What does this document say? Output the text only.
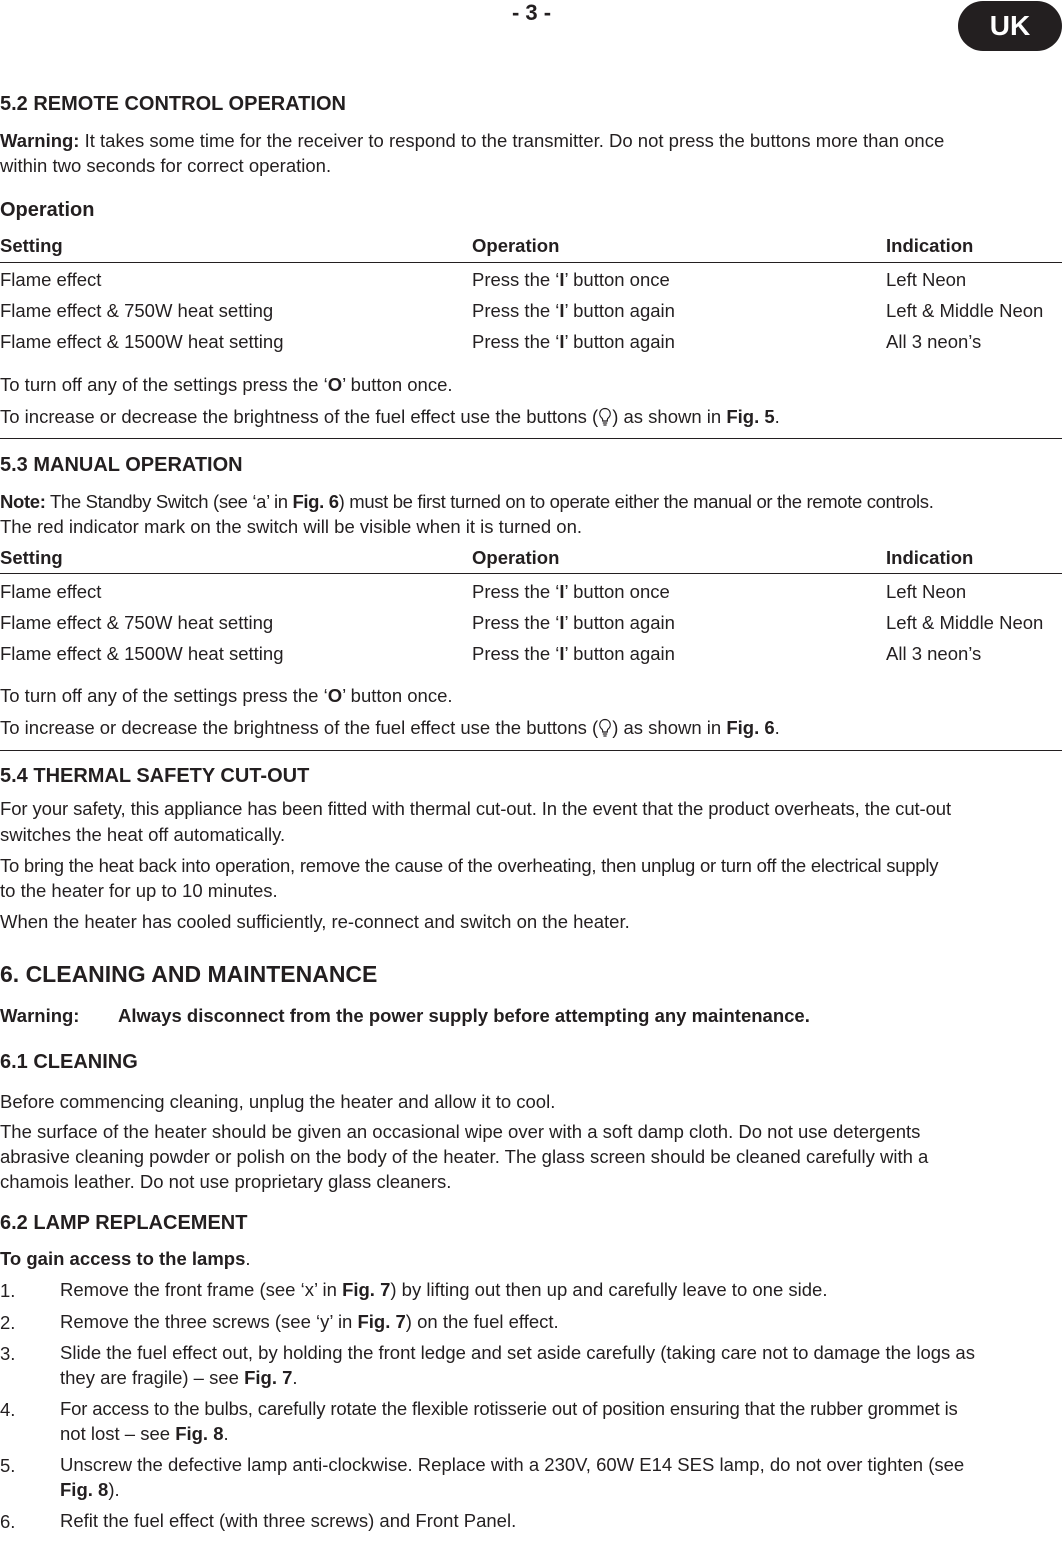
- 3 -	UK
5.2 REMOTE CONTROL OPERATION
Warning: It takes some time for the receiver to respond to the transmitter. Do not press the buttons more than once
within two seconds for correct operation.
Operation
Setting	Operation	Indication
Flame effect	Press the ‘I’ button once	Left Neon
Flame effect & 750W heat setting	Press the ‘I’ button again	Left & Middle Neon
Flame effect & 1500W heat setting	Press the ‘I’ button again	All 3 neon’s
To turn off any of the settings press the ‘O’ button once.
To increase or decrease the brightness of the fuel effect use the buttons ( ) as shown in Fig. 5.
5.3 MANUAL OPERATION
Note: The Standby Switch (see ‘a’ in Fig. 6) must be first turned on to operate either the manual or the remote controls.
The red indicator mark on the switch will be visible when it is turned on.
Setting	Operation	Indication
Flame effect	Press the ‘I’ button once	Left Neon
Flame effect & 750W heat setting	Press the ‘I’ button again	Left & Middle Neon
Flame effect & 1500W heat setting	Press the ‘I’ button again	All 3 neon’s
To turn off any of the settings press the ‘O’ button once.
To increase or decrease the brightness of the fuel effect use the buttons ( ) as shown in Fig. 6.
5.4 THERMAL SAFETY CUT-OUT
For your safety, this appliance has been fitted with thermal cut-out. In the event that the product overheats, the cut-out
switches the heat off automatically.
To bring the heat back into operation, remove the cause of the overheating, then unplug or turn off the electrical supply
to the heater for up to 10 minutes.
When the heater has cooled sufficiently, re-connect and switch on the heater.
6. CLEANING AND MAINTENANCE
Warning: Always disconnect from the power supply before attempting any maintenance.
6.1 CLEANING
Before commencing cleaning, unplug the heater and allow it to cool.
The surface of the heater should be given an occasional wipe over with a soft damp cloth. Do not use detergents
abrasive cleaning powder or polish on the body of the heater. The glass screen should be cleaned carefully with a
chamois leather. Do not use proprietary glass cleaners.
6.2 LAMP REPLACEMENT
To gain access to the lamps.
1. Remove the front frame (see ‘x’ in Fig. 7) by lifting out then up and carefully leave to one side.
2. Remove the three screws (see ‘y’ in Fig. 7) on the fuel effect.
3. Slide the fuel effect out, by holding the front ledge and set aside carefully (taking care not to damage the logs as
they are fragile) – see Fig. 7.
4. For access to the bulbs, carefully rotate the flexible rotisserie out of position ensuring that the rubber grommet is
not lost – see Fig. 8.
5. Unscrew the defective lamp anti-clockwise. Replace with a 230V, 60W E14 SES lamp, do not over tighten (see
Fig. 8).
6. Refit the fuel effect (with three screws) and Front Panel.
